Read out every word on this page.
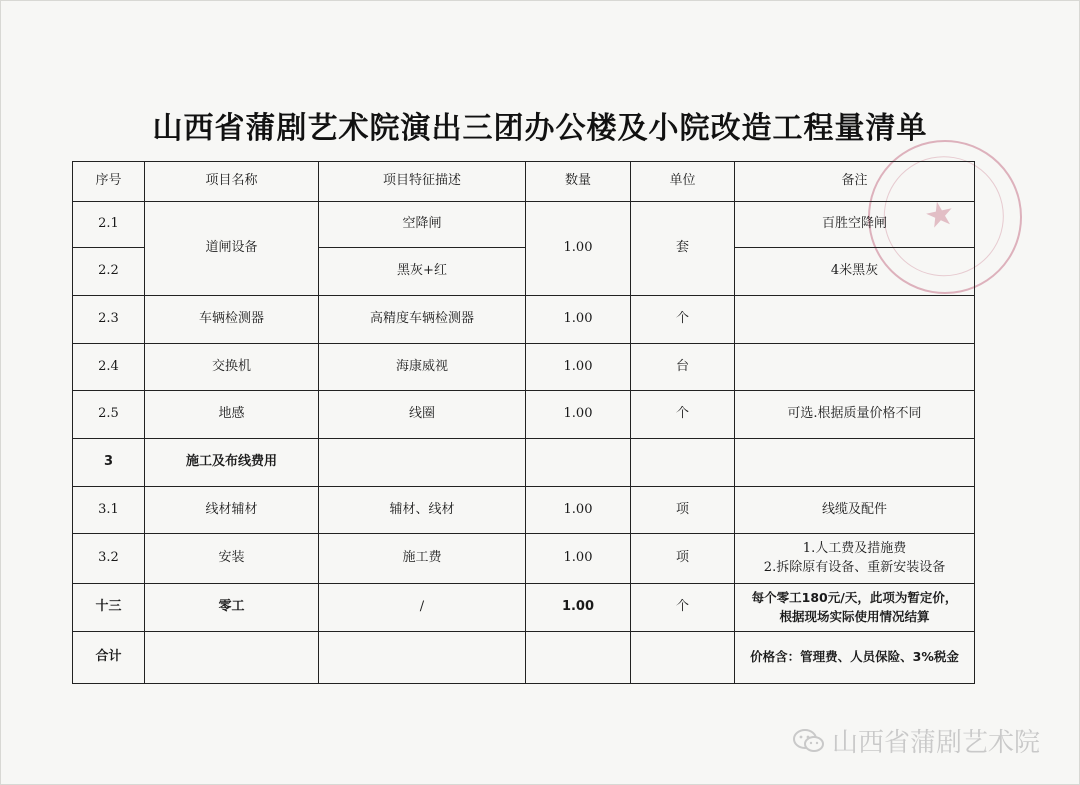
山西省蒲剧艺术院演出三团办公楼及小院改造工程量清单
★
序号	项目名称	项目特征描述	数量	单位	备注
2.1	道闸设备	空降闸	1.00	套	百胜空降闸
2.2		黑灰+红			4米黑灰
2.3	车辆检测器	高精度车辆检测器	1.00	个	
2.4	交换机	海康威视	1.00	台	
2.5	地感	线圈	1.00	个	可选.根据质量价格不同
3	施工及布线费用				
3.1	线材辅材	辅材、线材	1.00	项	线缆及配件
3.2	安装	施工费	1.00	项	1.人工费及措施费
2.拆除原有设备、重新安装设备

十三	零工	/	1.00	个	每个零工180元/天，此项为暂定价，
根据现场实际使用情况结算

合计					价格含：管理费、人员保险、3%税金
山西省蒲剧艺术院
